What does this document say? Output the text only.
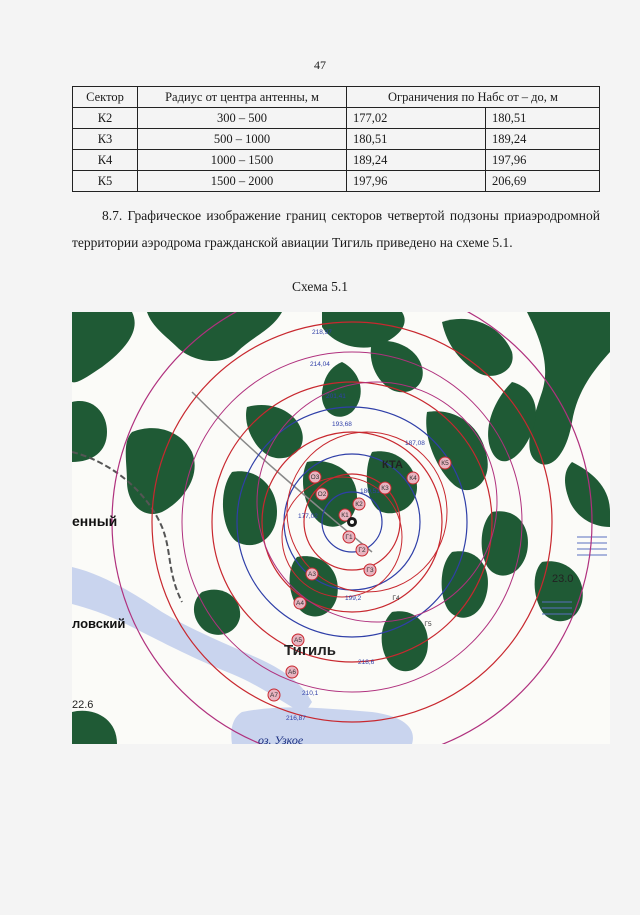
47
Сектор	Радиус от центра антенны, м	Ограничения по Набс от – до, м	
К2	300 – 500	177,02	180,51
К3	500 – 1000	180,51	189,24
К4	1000 – 1500	189,24	197,96
К5	1500 – 2000	197,96	206,69
8.7. Графическое изображение границ секторов четвертой подзоны приаэродромной территории аэродрома гражданской авиации Тигиль приведено на схеме 5.1.
Схема 5.1
К1
К2
К3
К4
К5
Г1
Г2
Г3
Г4
Г5
О2
О3
А3
А4
А5
А6
А7
218,97
214,04
201,41
193,68
187,08
180,51
177,02
199,2
210,1
218,6
216,87
Тигиль
оз. Узкое
енный
ловский
КТА
22.6
23.0
